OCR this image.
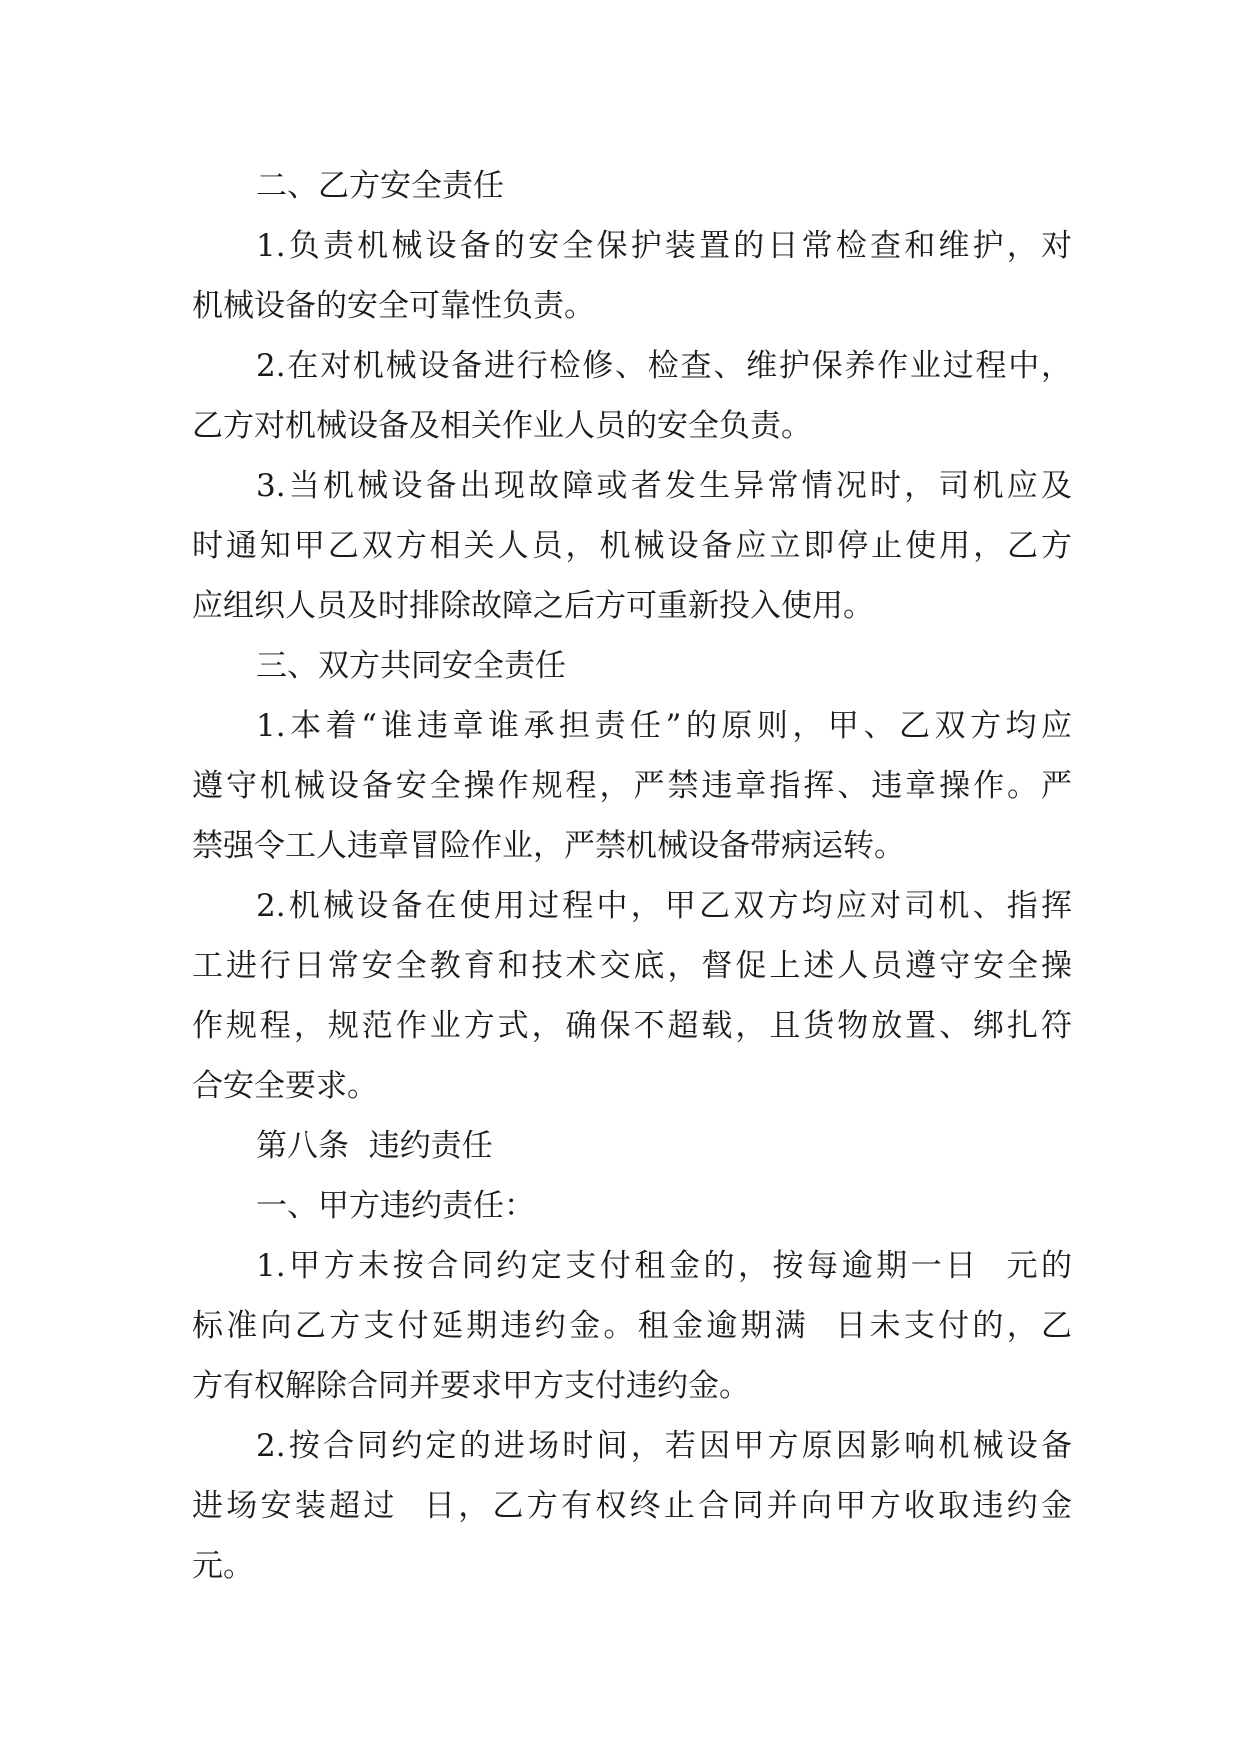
二、乙方安全责任
1.负责机械设备的安全保护装置的日常检查和维护，对
机械设备的安全可靠性负责。
2.在对机械设备进行检修、检查、维护保养作业过程中，
乙方对机械设备及相关作业人员的安全负责。
3.当机械设备出现故障或者发生异常情况时，司机应及
时通知甲乙双方相关人员，机械设备应立即停止使用，乙方
应组织人员及时排除故障之后方可重新投入使用。
三、双方共同安全责任
1.本着“谁违章谁承担责任”的原则，甲、乙双方均应
遵守机械设备安全操作规程，严禁违章指挥、违章操作。严
禁强令工人违章冒险作业，严禁机械设备带病运转。
2.机械设备在使用过程中，甲乙双方均应对司机、指挥
工进行日常安全教育和技术交底，督促上述人员遵守安全操
作规程，规范作业方式，确保不超载，且货物放置、绑扎符
合安全要求。
第八条  违约责任
一、甲方违约责任：
1.甲方未按合同约定支付租金的，按每逾期一日  元的
标准向乙方支付延期违约金。租金逾期满  日未支付的，乙
方有权解除合同并要求甲方支付违约金。
2.按合同约定的进场时间，若因甲方原因影响机械设备
进场安装超过  日，乙方有权终止合同并向甲方收取违约金
元。
